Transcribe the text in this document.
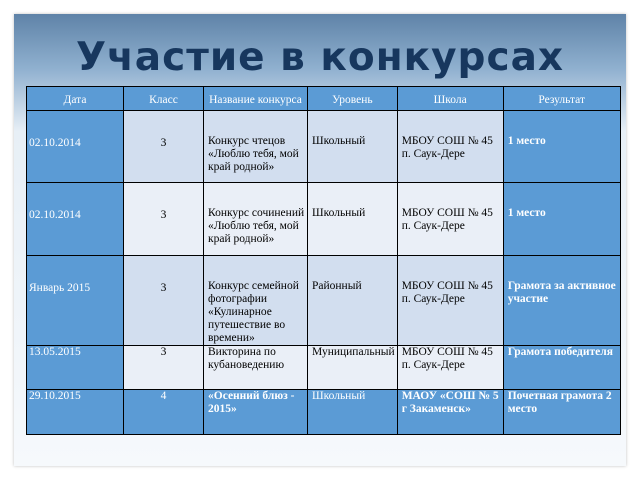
Участие в конкурсах
Дата	Класс	Название конкурса	Уровень	Школа	Результат

02.10.2014	3	Конкурс чтецов «Люблю тебя, мой край родной»	Школьный	МБОУ СОШ № 45 п. Саук-Дере	1 место

02.10.2014	3	Конкурс сочинений «Люблю тебя, мой край родной»	Школьный	МБОУ СОШ № 45 п. Саук-Дере	1 место

Январь 2015	3	Конкурс семейной фотографии «Кулинарное путешествие во времени»	Районный	МБОУ СОШ № 45 п. Саук-Дере	Грамота за активное участие

13.05.2015	3	Викторина по кубановедению	Муниципальный	МБОУ СОШ № 45 п. Саук-Дере	Грамота победителя

29.10.2015	4	«Осенний блюз - 2015»	Школьный	МАОУ «СОШ № 5 г Закаменск»	Почетная грамота 2 место
